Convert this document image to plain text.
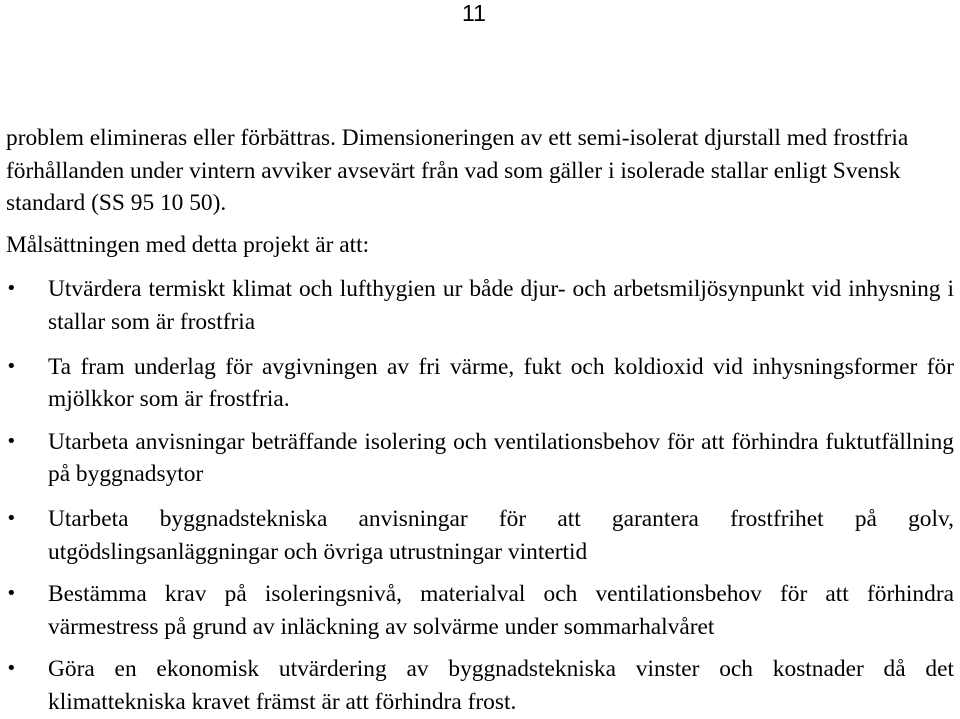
11

problem elimineras eller förbättras. Dimensioneringen av ett semi-isolerat djurstall med frostfria förhållanden under vintern avviker avsevärt från vad som gäller i isolerade stallar enligt Svensk standard (SS 95 10 50).

Målsättningen med detta projekt är att:

• Utvärdera termiskt klimat och lufthygien ur både djur- och arbetsmiljösynpunkt vid inhysning i stallar som är frostfria
• Ta fram underlag för avgivningen av fri värme, fukt och koldioxid vid inhysningsformer för mjölkkor som är frostfria.
• Utarbeta anvisningar beträffande isolering och ventilationsbehov för att förhindra fuktutfällning på byggnadsytor
• Utarbeta byggnadstekniska anvisningar för att garantera frostfrihet på golv, utgödslingsanläggningar och övriga utrustningar vintertid
• Bestämma krav på isoleringsnivå, materialval och ventilationsbehov för att förhindra värmestress på grund av inläckning av solvärme under sommarhalvåret
• Göra en ekonomisk utvärdering av byggnadstekniska vinster och kostnader då det klimattekniska kravet främst är att förhindra frost.
